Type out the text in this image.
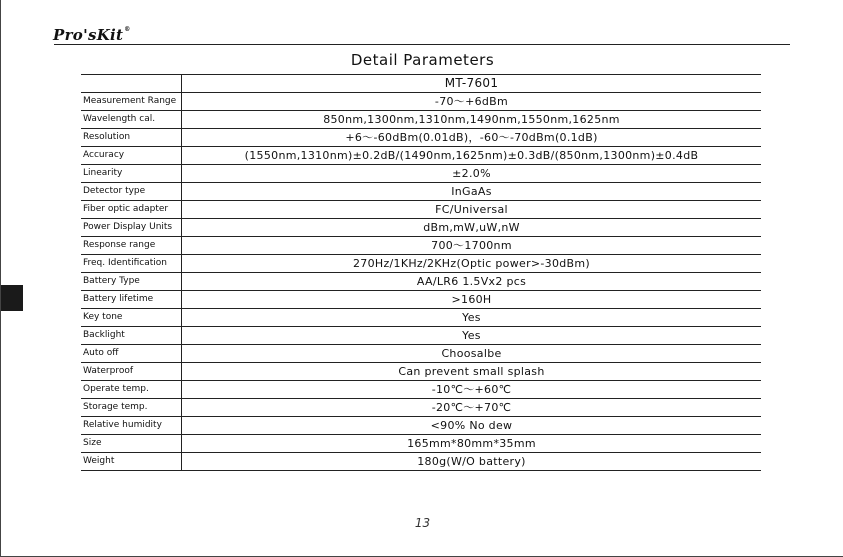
Pro'sKit®
Detail Parameters
	MT-7601
Measurement Range	-70～+6dBm
Wavelength cal.	850nm,1300nm,1310nm,1490nm,1550nm,1625nm
Resolution	+6～-60dBm(0.01dB)，-60～-70dBm(0.1dB)
Accuracy	(1550nm,1310nm)±0.2dB/(1490nm,1625nm)±0.3dB/(850nm,1300nm)±0.4dB
Linearity	±2.0%
Detector type	InGaAs
Fiber optic adapter	FC/Universal
Power Display Units	dBm,mW,uW,nW
Response range	700～1700nm
Freq. Identification	270Hz/1KHz/2KHz(Optic power>-30dBm)
Battery Type	AA/LR6 1.5Vx2 pcs
Battery lifetime	>160H
Key tone	Yes
Backlight	Yes
Auto off	Choosalbe
Waterproof	Can prevent small splash
Operate temp.	-10℃～+60℃
Storage temp.	-20℃～+70℃
Relative humidity	<90% No dew
Size	165mm*80mm*35mm
Weight	180g(W/O battery)
13
